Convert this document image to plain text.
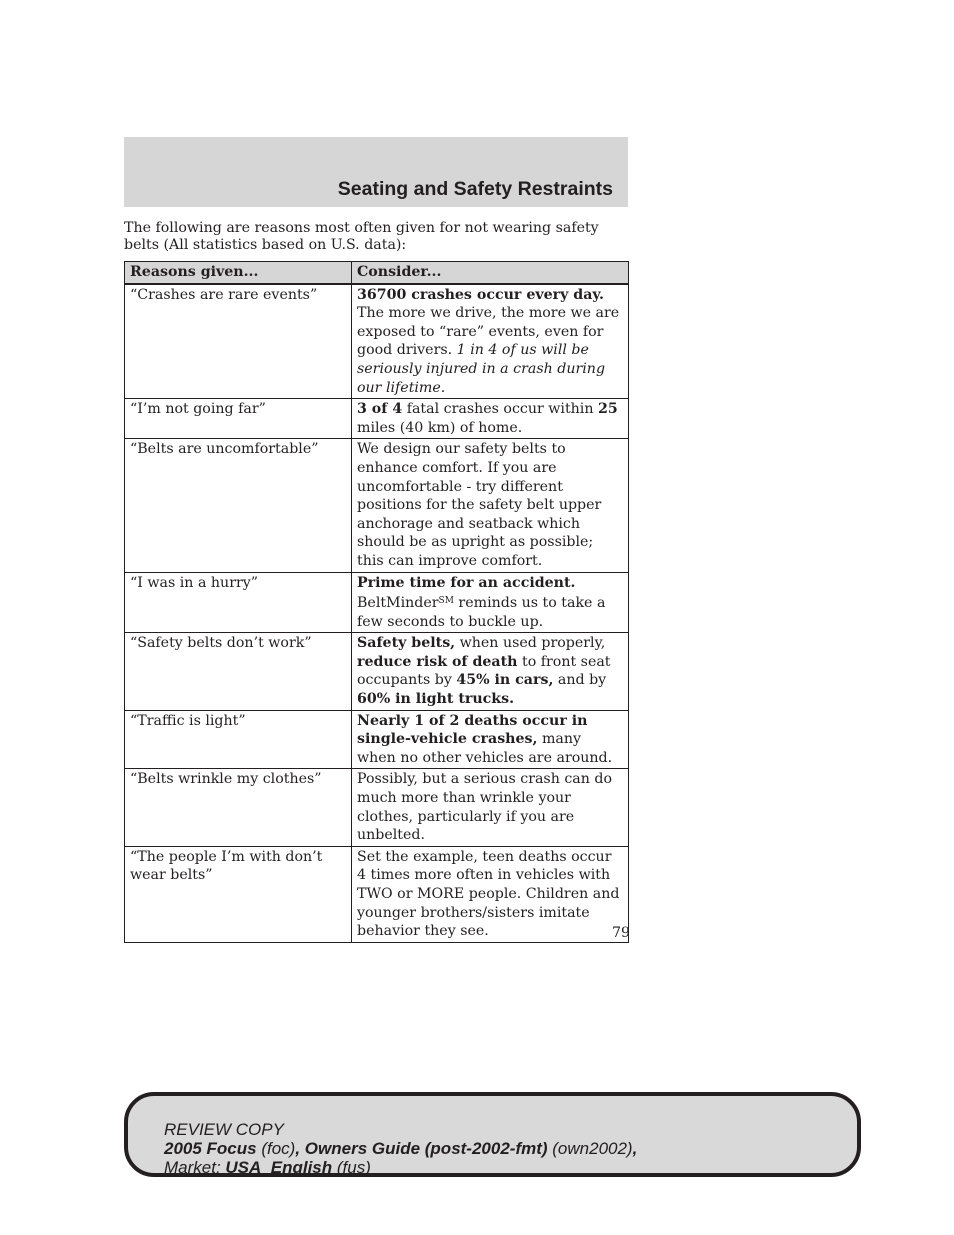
Seating and Safety Restraints

The following are reasons most often given for not wearing safety belts (All statistics based on U.S. data):

Reasons given...	Consider...
“Crashes are rare events”	36700 crashes occur every day. The more we drive, the more we are exposed to “rare” events, even for good drivers. 1 in 4 of us will be seriously injured in a crash during our lifetime.
“I’m not going far”	3 of 4 fatal crashes occur within 25 miles (40 km) of home.
“Belts are uncomfortable”	We design our safety belts to enhance comfort. If you are uncomfortable - try different positions for the safety belt upper anchorage and seatback which should be as upright as possible; this can improve comfort.
“I was in a hurry”	Prime time for an accident. BeltMinder℠ reminds us to take a few seconds to buckle up.
“Safety belts don’t work”	Safety belts, when used properly, reduce risk of death to front seat occupants by 45% in cars, and by 60% in light trucks.
“Traffic is light”	Nearly 1 of 2 deaths occur in single-vehicle crashes, many when no other vehicles are around.
“Belts wrinkle my clothes”	Possibly, but a serious crash can do much more than wrinkle your clothes, particularly if you are unbelted.
“The people I’m with don’t wear belts”	Set the example, teen deaths occur 4 times more often in vehicles with TWO or MORE people. Children and younger brothers/sisters imitate behavior they see.	79
REVIEW COPY
2005 Focus (foc), Owners Guide (post-2002-fmt) (own2002),
Market: USA_English (fus)
